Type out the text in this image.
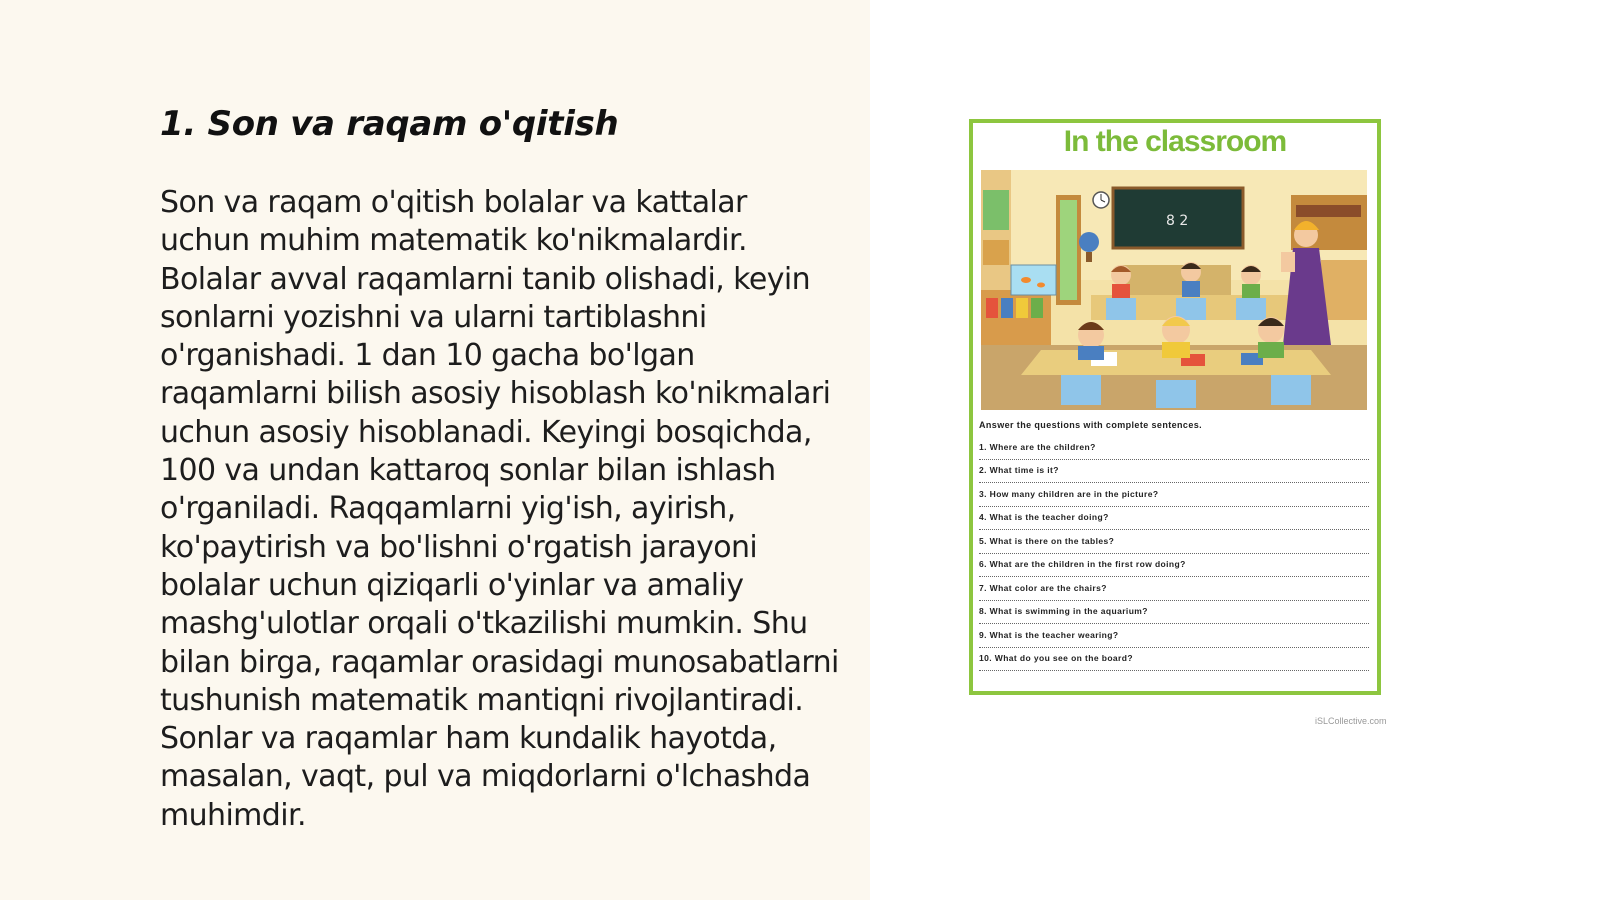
1. Son va raqam o'qitish

Son va raqam o'qitish bolalar va kattalar uchun muhim matematik ko'nikmalardir. Bolalar avval raqamlarni tanib olishadi, keyin sonlarni yozishni va ularni tartiblashni o'rganishadi. 1 dan 10 gacha bo'lgan raqamlarni bilish asosiy hisoblash ko'nikmalari uchun asosiy hisoblanadi. Keyingi bosqichda, 100 va undan kattaroq sonlar bilan ishlash o'rganiladi. Raqqamlarni yig'ish, ayirish, ko'paytirish va bo'lishni o'rgatish jarayoni bolalar uchun qiziqarli o'yinlar va amaliy mashg'ulotlar orqali o'tkazilishi mumkin. Shu bilan birga, raqamlar orasidagi munosabatlarni tushunish matematik mantiqni rivojlantiradi. Sonlar va raqamlar ham kundalik hayotda, masalan, vaqt, pul va miqdorlarni o'lchashda muhimdir.

In the classroom
8 2
Answer the questions with complete sentences.
1. Where are the children?
2. What time is it?
3. How many children are in the picture?
4. What is the teacher doing?
5. What is there on the tables?
6. What are the children in the first row doing?
7. What color are the chairs?
8. What is swimming in the aquarium?
9. What is the teacher wearing?
10. What do you see on the board?
iSLCollective.com
